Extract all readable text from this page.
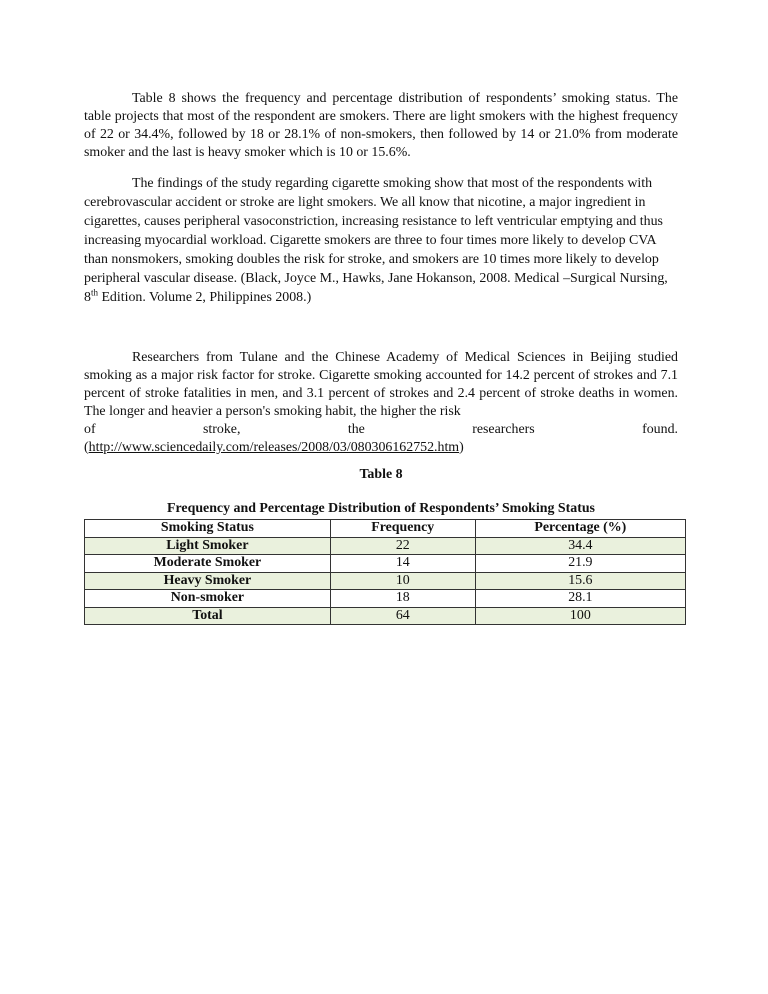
Table 8 shows the frequency and percentage distribution of respondents’ smoking status. The table projects that most of the respondent are smokers. There are light smokers with the highest frequency of 22 or 34.4%, followed by 18 or 28.1% of non-smokers, then followed by 14 or 21.0% from moderate smoker and the last is heavy smoker which is 10 or 15.6%.

The findings of the study regarding cigarette smoking show that most of the respondents with cerebrovascular accident or stroke are light smokers. We all know that nicotine, a major ingredient in cigarettes, causes peripheral vasoconstriction, increasing resistance to left ventricular emptying and thus increasing myocardial workload. Cigarette smokers are three to four times more likely to develop CVA than nonsmokers, smoking doubles the risk for stroke, and smokers are 10 times more likely to develop peripheral vascular disease. (Black, Joyce M., Hawks, Jane Hokanson, 2008. Medical –Surgical Nursing, 8th Edition. Volume 2, Philippines 2008.)

Researchers from Tulane and the Chinese Academy of Medical Sciences in Beijing studied smoking as a major risk factor for stroke. Cigarette smoking accounted for 14.2 percent of strokes and 7.1 percent of stroke fatalities in men, and 3.1 percent of strokes and 2.4 percent of stroke deaths in women. The longer and heavier a person's smoking habit, the higher the risk
of stroke, the researchers found.
(http://www.sciencedaily.com/releases/2008/03/080306162752.htm)

Table 8
Frequency and Percentage Distribution of Respondents’ Smoking Status
Smoking Status	Frequency	Percentage (%)
Light Smoker	22	34.4
Moderate Smoker	14	21.9
Heavy Smoker	10	15.6
Non-smoker	18	28.1
Total	64	100
